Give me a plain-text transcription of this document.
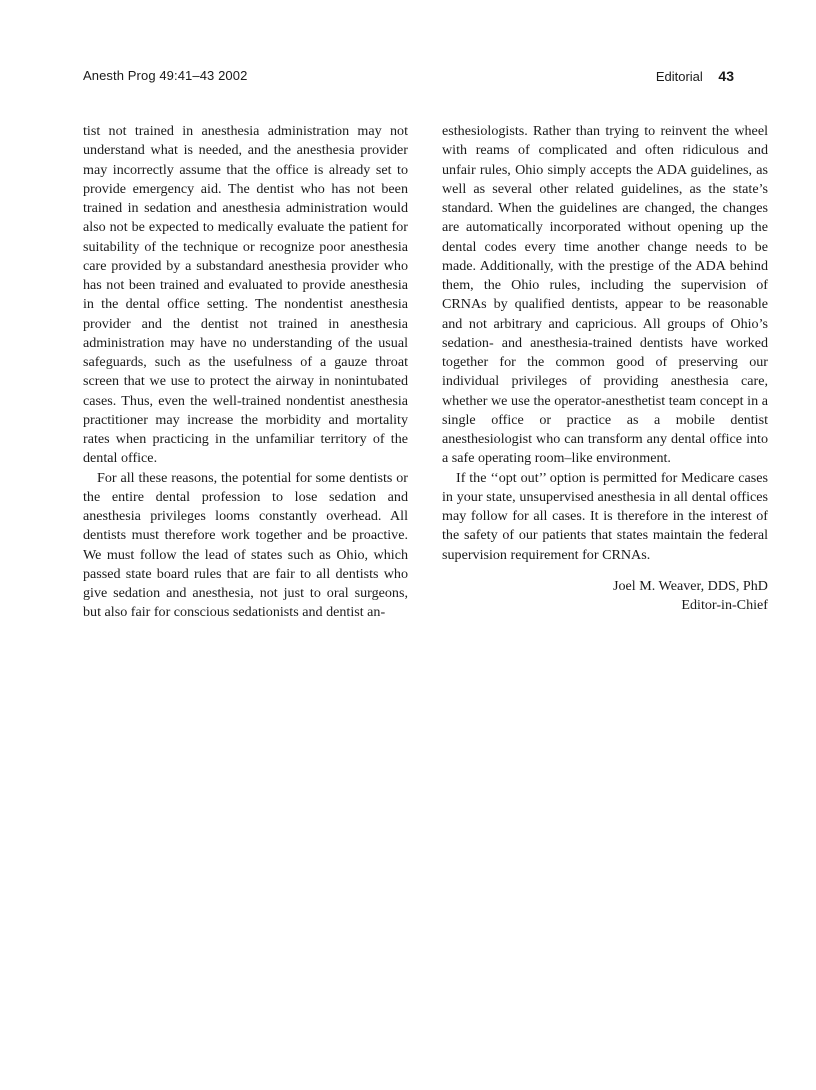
Anesth Prog 49:41–43 2002	Editorial 43

tist not trained in anesthesia administration may not understand what is needed, and the anesthesia provider may incorrectly assume that the office is already set to provide emergency aid. The dentist who has not been trained in sedation and anesthesia administration would also not be expected to medically evaluate the patient for suitability of the technique or recognize poor anesthesia care provided by a substandard anesthesia provider who has not been trained and evaluated to provide anesthesia in the dental office setting. The nondentist anesthesia provider and the dentist not trained in anesthesia administration may have no understanding of the usual safeguards, such as the usefulness of a gauze throat screen that we use to protect the airway in nonintubated cases. Thus, even the well-trained nondentist anesthesia practitioner may increase the morbidity and mortality rates when practicing in the unfamiliar territory of the dental office.

For all these reasons, the potential for some dentists or the entire dental profession to lose sedation and anesthesia privileges looms constantly overhead. All dentists must therefore work together and be proactive. We must follow the lead of states such as Ohio, which passed state board rules that are fair to all dentists who give sedation and anesthesia, not just to oral surgeons, but also fair for conscious sedationists and dentist an-

esthesiologists. Rather than trying to reinvent the wheel with reams of complicated and often ridiculous and unfair rules, Ohio simply accepts the ADA guidelines, as well as several other related guidelines, as the state’s standard. When the guidelines are changed, the changes are automatically incorporated without opening up the dental codes every time another change needs to be made. Additionally, with the prestige of the ADA behind them, the Ohio rules, including the supervision of CRNAs by qualified dentists, appear to be reasonable and not arbitrary and capricious. All groups of Ohio’s sedation- and anesthesia-trained dentists have worked together for the common good of preserving our individual privileges of providing anesthesia care, whether we use the operator-anesthetist team concept in a single office or practice as a mobile dentist anesthesiologist who can transform any dental office into a safe operating room–like environment.

If the ‘‘opt out’’ option is permitted for Medicare cases in your state, unsupervised anesthesia in all dental offices may follow for all cases. It is therefore in the interest of the safety of our patients that states maintain the federal supervision requirement for CRNAs.

Joel M. Weaver, DDS, PhD
Editor-in-Chief
